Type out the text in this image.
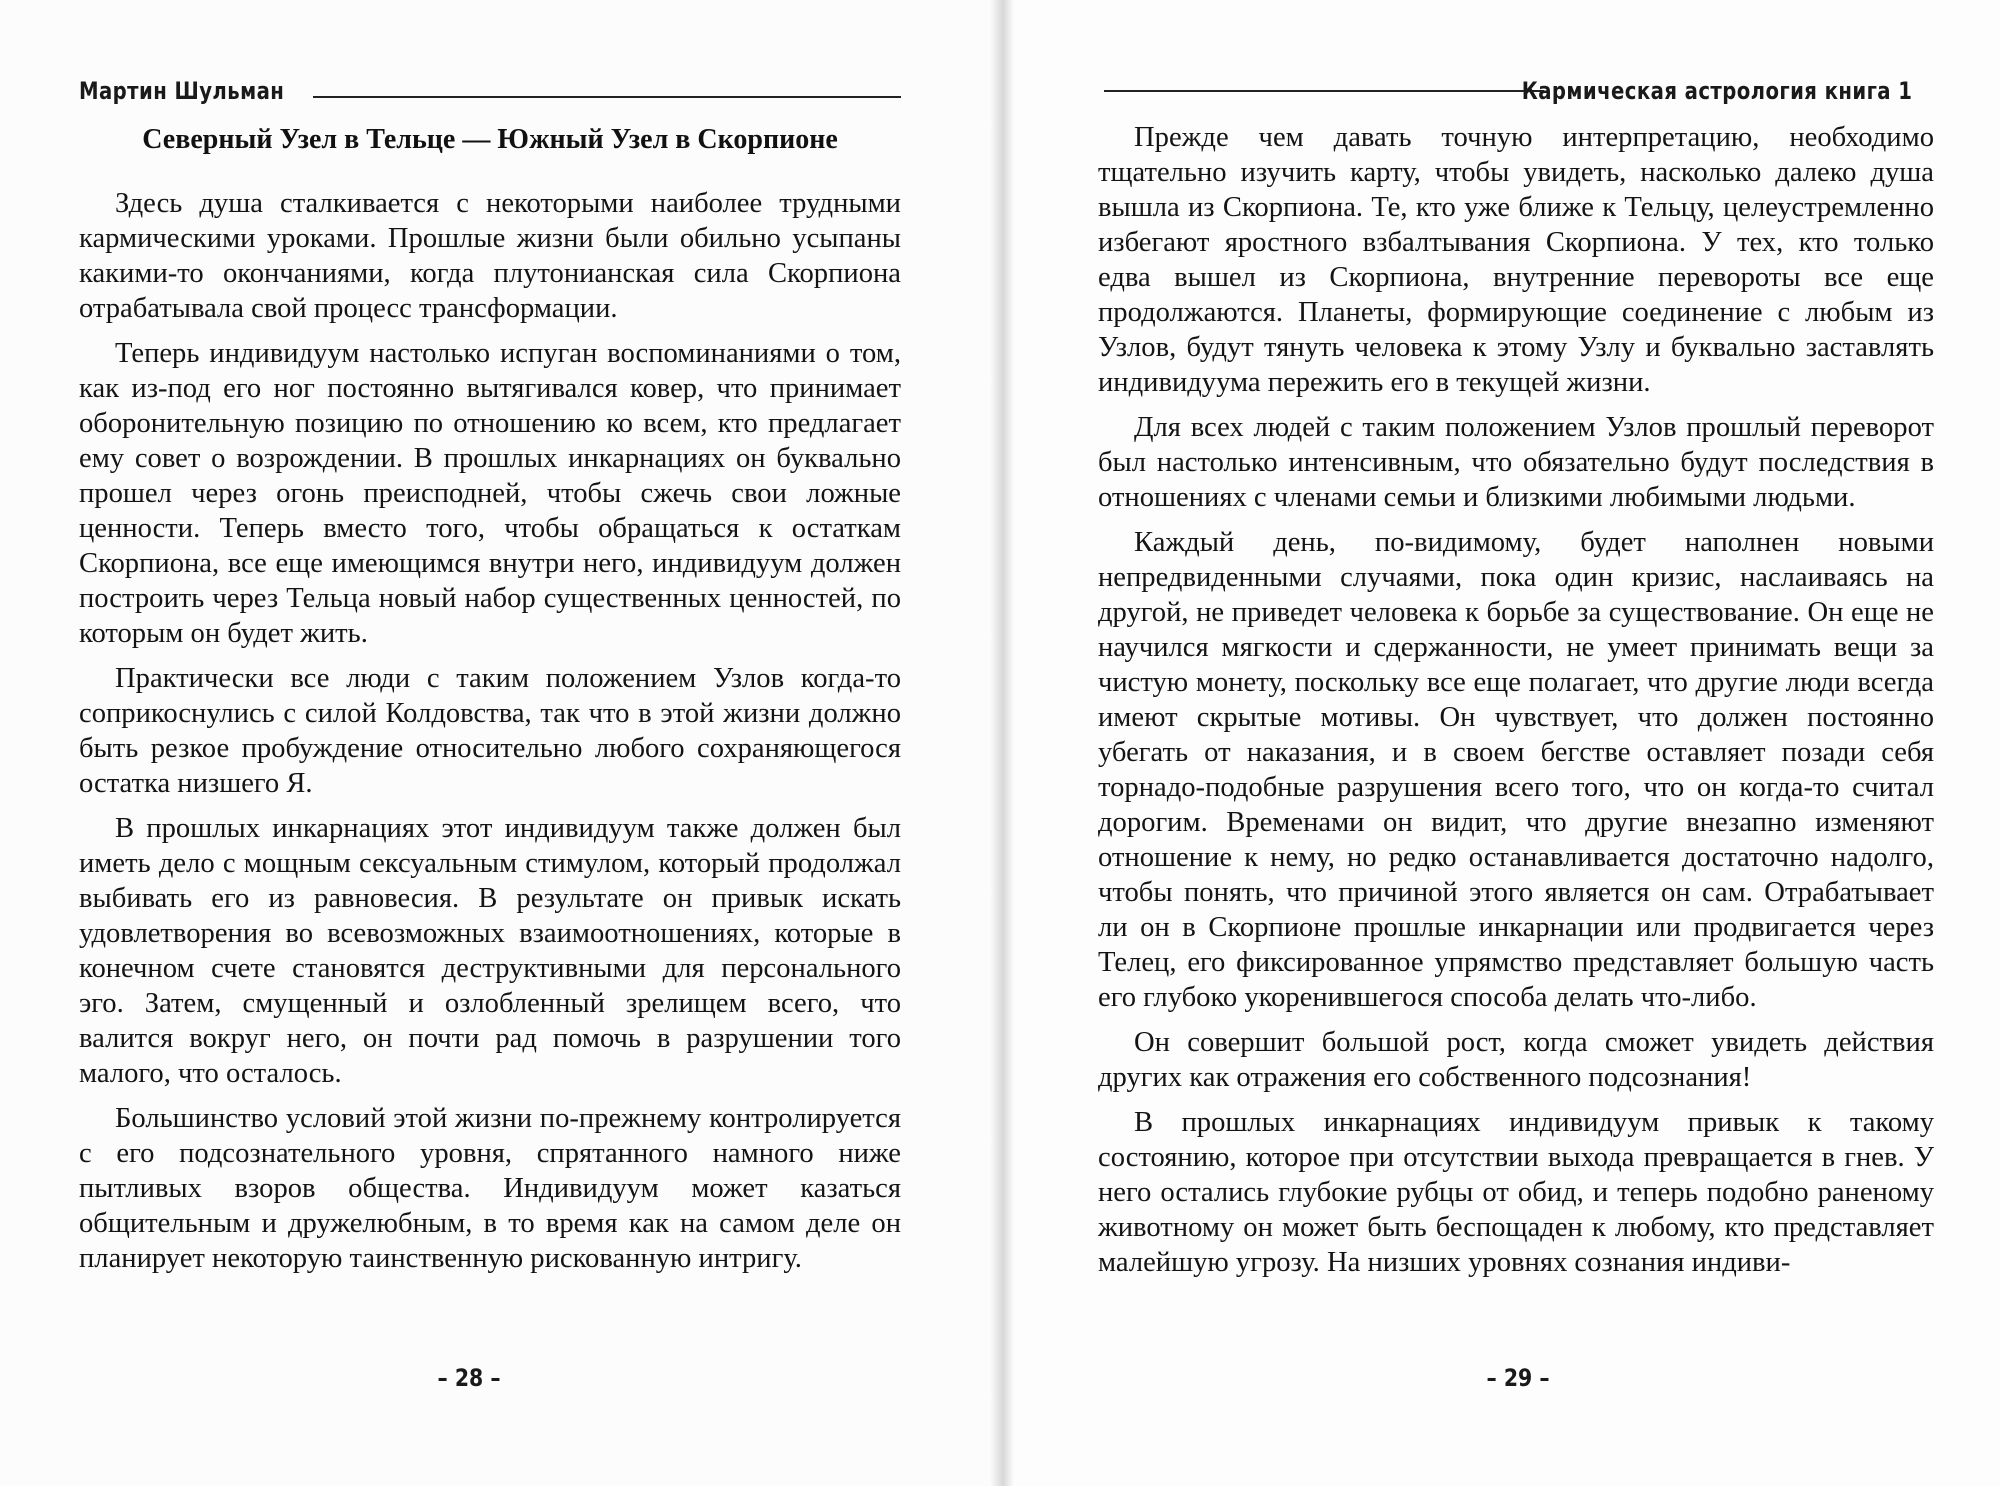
Мартин Шульман
Северный Узел в Тельце — Южный Узел в Скорпионе

Здесь душа сталкивается с некоторыми наиболее трудными кармическими уроками. Прошлые жизни были обильно усыпаны какими-то окончаниями, когда плутонианская сила Скорпиона отрабатывала свой процесс трансформации.

Теперь индивидуум настолько испуган воспоминаниями о том, как из-под его ног постоянно вытягивался ковер, что принимает оборонительную позицию по отношению ко всем, кто предлагает ему совет о возрождении. В прошлых инкарнациях он буквально прошел через огонь преисподней, чтобы сжечь свои ложные ценности. Теперь вместо того, чтобы обращаться к остаткам Скорпиона, все еще имеющимся внутри него, индивидуум должен построить через Тельца новый набор существенных ценностей, по которым он будет жить.

Практически все люди с таким положением Узлов когда-то соприкоснулись с силой Колдовства, так что в этой жизни должно быть резкое пробуждение относительно любого сохраняющегося остатка низшего Я.

В прошлых инкарнациях этот индивидуум также должен был иметь дело с мощным сексуальным стимулом, который продолжал выбивать его из равновесия. В результате он привык искать удовлетворения во всевозможных взаимоотношениях, которые в конечном счете становятся деструктивными для персонального эго. Затем, смущенный и озлобленный зрелищем всего, что валится вокруг него, он почти рад помочь в разрушении того малого, что осталось.

Большинство условий этой жизни по-прежнему контролируется с его подсознательного уровня, спрятанного намного ниже пытливых взоров общества. Индивидуум может казаться общительным и дружелюбным, в то время как на самом деле он планирует некоторую таинственную рискованную интригу.

– 28 –
Кармическая астрология книга 1

Прежде чем давать точную интерпретацию, необходимо тщательно изучить карту, чтобы увидеть, насколько далеко душа вышла из Скорпиона. Те, кто уже ближе к Тельцу, целеустремленно избегают яростного взбалтывания Скорпиона. У тех, кто только едва вышел из Скорпиона, внутренние перевороты все еще продолжаются. Планеты, формирующие соединение с любым из Узлов, будут тянуть человека к этому Узлу и буквально заставлять индивидуума пережить его в текущей жизни.

Для всех людей с таким положением Узлов прошлый переворот был настолько интенсивным, что обязательно будут последствия в отношениях с членами семьи и близкими любимыми людьми.

Каждый день, по-видимому, будет наполнен новыми непредвиденными случаями, пока один кризис, наслаиваясь на другой, не приведет человека к борьбе за существование. Он еще не научился мягкости и сдержанности, не умеет принимать вещи за чистую монету, поскольку все еще полагает, что другие люди всегда имеют скрытые мотивы. Он чувствует, что должен постоянно убегать от наказания, и в своем бегстве оставляет позади себя торнадо-подобные разрушения всего того, что он когда-то считал дорогим. Временами он видит, что другие внезапно изменяют отношение к нему, но редко останавливается достаточно надолго, чтобы понять, что причиной этого является он сам. Отрабатывает ли он в Скорпионе прошлые инкарнации или продвигается через Телец, его фиксированное упрямство представляет большую часть его глубоко укоренившегося способа делать что-либо.

Он совершит большой рост, когда сможет увидеть действия других как отражения его собственного подсознания!

В прошлых инкарнациях индивидуум привык к такому состоянию, которое при отсутствии выхода превращается в гнев. У него остались глубокие рубцы от обид, и теперь подобно раненому животному он может быть беспощаден к любому, кто представляет малейшую угрозу. На низших уровнях сознания индиви-

– 29 –
